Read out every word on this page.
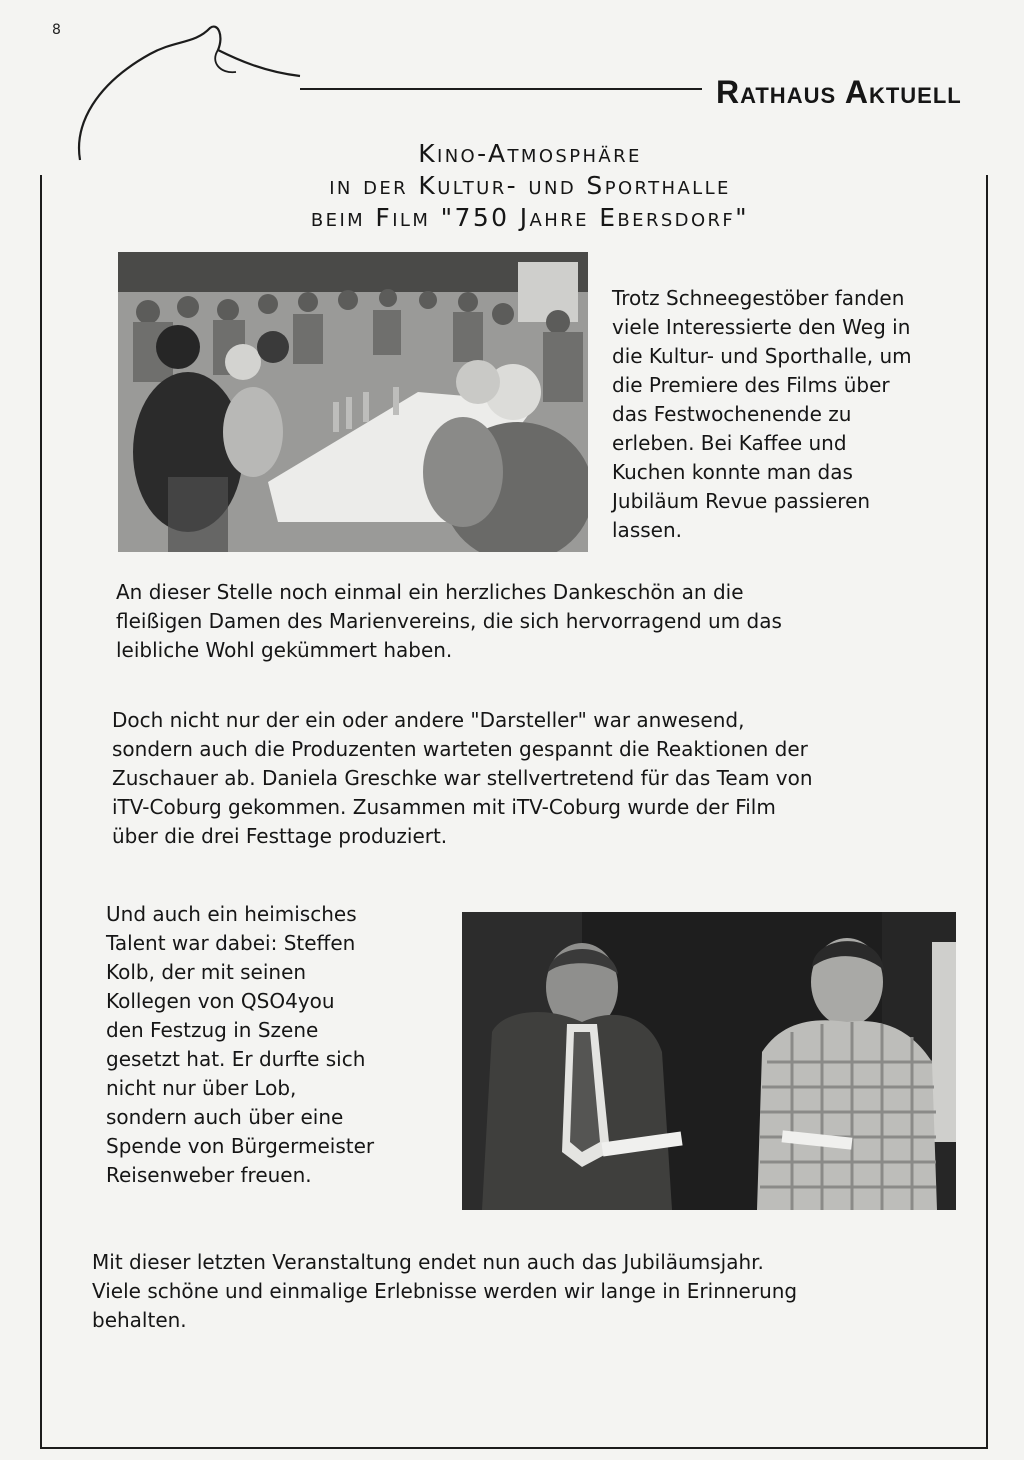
8
Rathaus Aktuell
Kino-Atmosphäre
in der Kultur- und Sporthalle
beim Film "750 Jahre Ebersdorf"
Trotz Schneegestöber fanden
viele Interessierte den Weg in
die Kultur- und Sporthalle, um
die Premiere des Films über
das Festwochenende zu
erleben. Bei Kaffee und
Kuchen konnte man das
Jubiläum Revue passieren
lassen.
An dieser Stelle noch einmal ein herzliches Dankeschön an die
fleißigen Damen des Marienvereins, die sich hervorragend um das
leibliche Wohl gekümmert haben.
Doch nicht nur der ein oder andere "Darsteller" war anwesend,
sondern auch die Produzenten warteten gespannt die Reaktionen der
Zuschauer ab. Daniela Greschke war stellvertretend für das Team von
iTV-Coburg gekommen. Zusammen mit iTV-Coburg wurde der Film
über die drei Festtage produziert.
Und auch ein heimisches
Talent war dabei: Steffen
Kolb, der mit seinen
Kollegen von QSO4you
den Festzug in Szene
gesetzt hat. Er durfte sich
nicht nur über Lob,
sondern auch über eine
Spende von Bürgermeister
Reisenweber freuen.
Mit dieser letzten Veranstaltung endet nun auch das Jubiläumsjahr.
Viele schöne und einmalige Erlebnisse werden wir lange in Erinnerung
behalten.
